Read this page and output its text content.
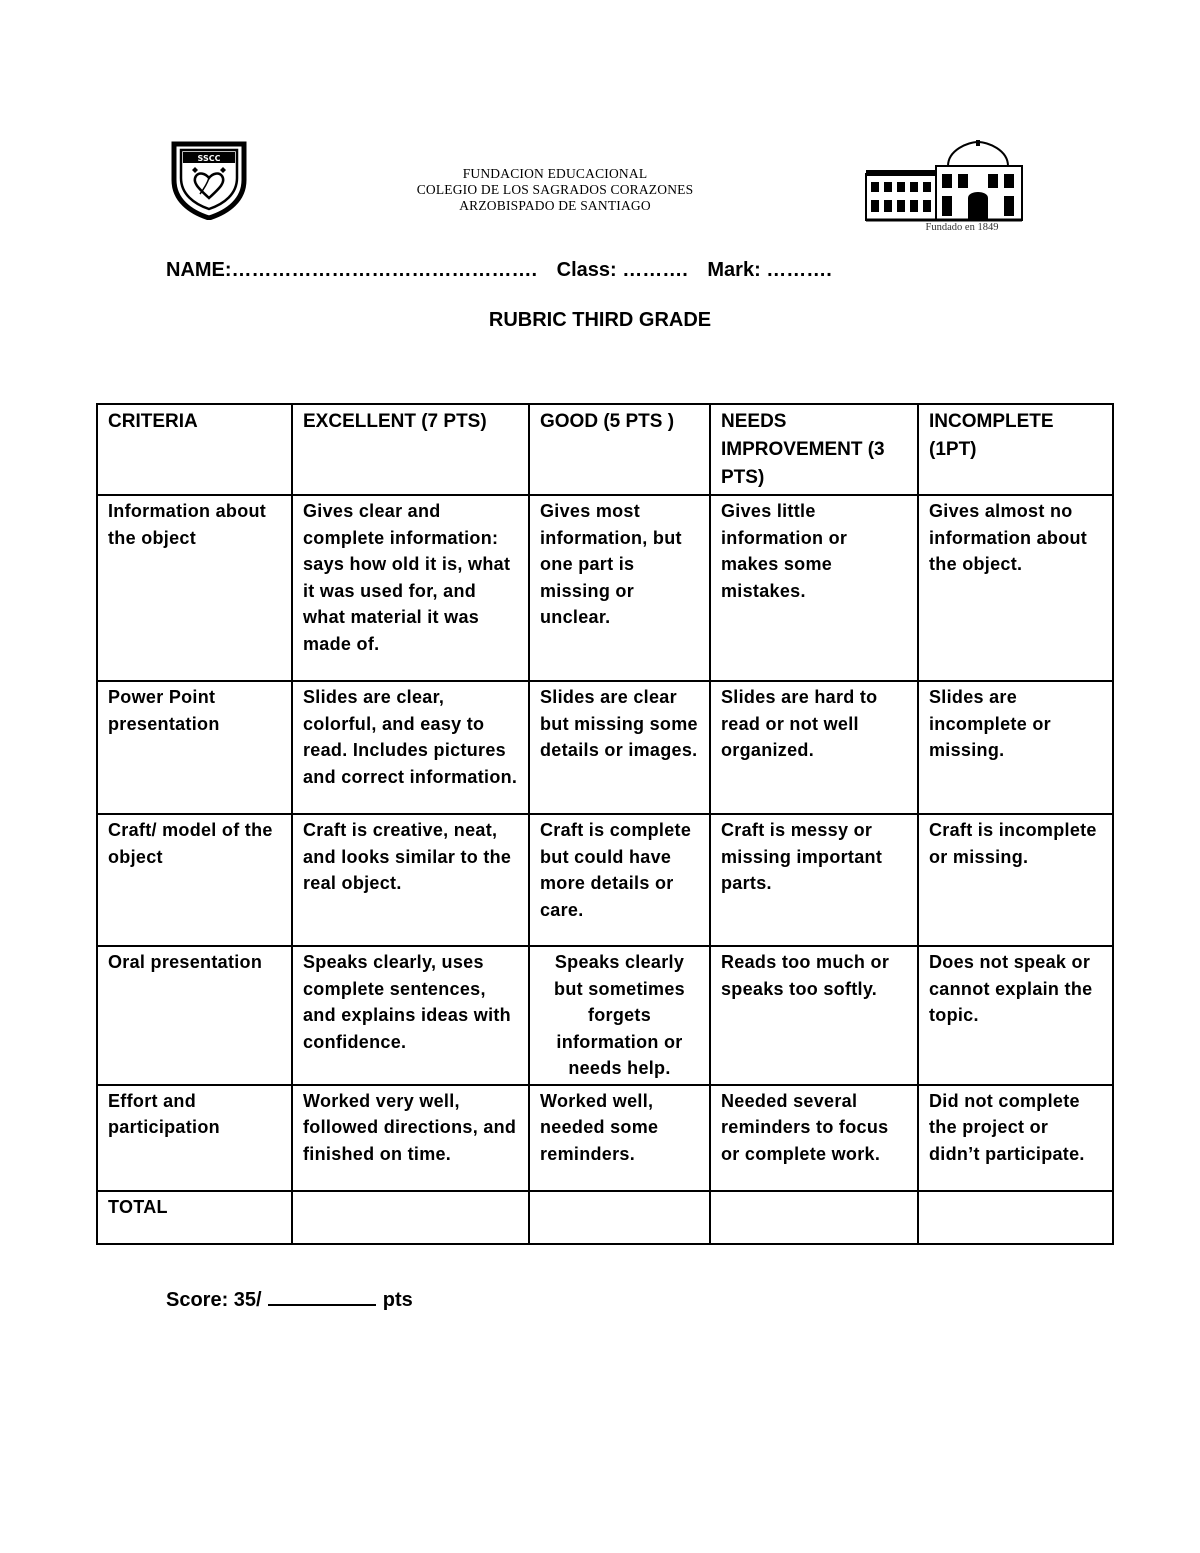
SSCC
FUNDACION EDUCACIONAL
COLEGIO DE LOS SAGRADOS CORAZONES
ARZOBISPADO DE SANTIAGO
Fundado en 1849
NAME:………………………………………. Class: ………. Mark: ……….
RUBRIC THIRD GRADE
CRITERIA	EXCELLENT (7 PTS)	GOOD (5 PTS )	NEEDS IMPROVEMENT (3 PTS)	INCOMPLETE (1PT)
Information about the object	Gives clear and complete information: says how old it is, what it was used for, and what material it was made of.	Gives most information, but one part is missing or unclear.	Gives little information or makes some mistakes.	Gives almost no information about the object.
Power Point presentation	Slides are clear, colorful, and easy to read. Includes pictures and correct information.	Slides are clear but missing some details or images.	Slides are hard to read or not well organized.	Slides are incomplete or missing.
Craft/ model of the object	Craft is creative, neat, and looks similar to the real object.	Craft is complete but could have more details or care.	Craft is messy or missing important parts.	Craft is incomplete or missing.
Oral presentation	Speaks clearly, uses complete sentences, and explains ideas with confidence.	Speaks clearly but sometimes forgets information or needs help.	Reads too much or speaks too softly.	Does not speak or cannot explain the topic.
Effort and participation	Worked very well, followed directions, and finished on time.	Worked well, needed some reminders.	Needed several reminders to focus or complete work.	Did not complete the project or didn’t participate.
TOTAL				
Score: 35/	pts
